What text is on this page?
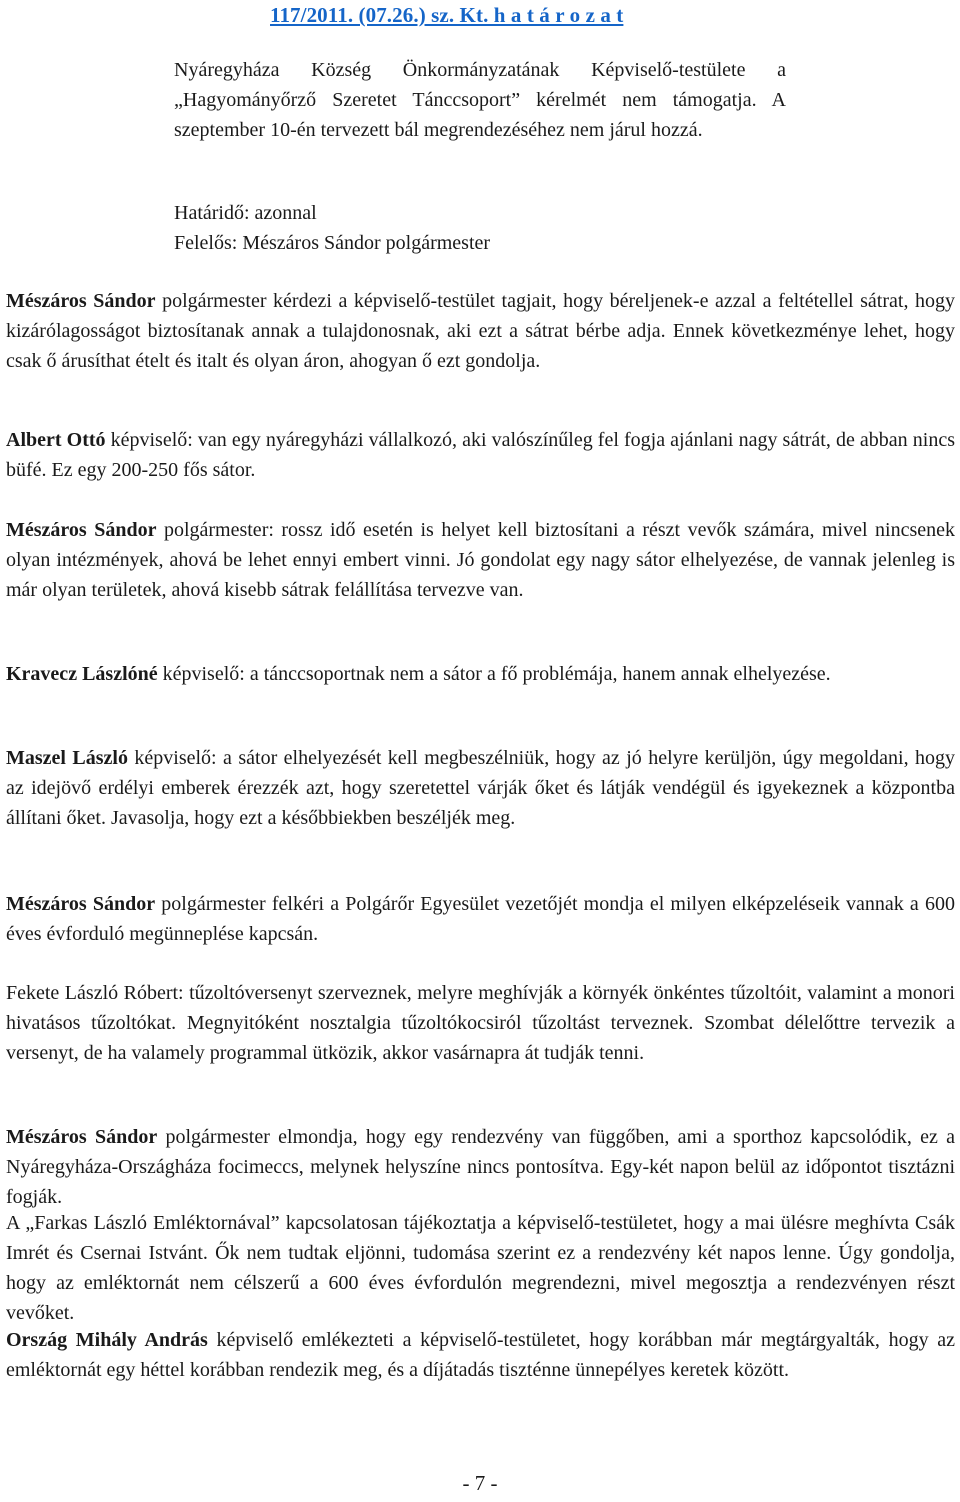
117/2011. (07.26.) sz. Kt. h a t á r o z a t

Nyáregyháza Község Önkormányzatának Képviselő-testülete a „Hagyományőrző Szeretet Tánccsoport” kérelmét nem támogatja. A szeptember 10-én tervezett bál megrendezéséhez nem járul hozzá.

Határidő: azonnal
Felelős: Mészáros Sándor polgármester

Mészáros Sándor polgármester kérdezi a képviselő-testület tagjait, hogy béreljenek-e azzal a feltétellel sátrat, hogy kizárólagosságot biztosítanak annak a tulajdonosnak, aki ezt a sátrat bérbe adja. Ennek következménye lehet, hogy csak ő árusíthat ételt és italt és olyan áron, ahogyan ő ezt gondolja.

Albert Ottó képviselő: van egy nyáregyházi vállalkozó, aki valószínűleg fel fogja ajánlani nagy sátrát, de abban nincs büfé. Ez egy 200-250 fős sátor.

Mészáros Sándor polgármester: rossz idő esetén is helyet kell biztosítani a részt vevők számára, mivel nincsenek olyan intézmények, ahová be lehet ennyi embert vinni. Jó gondolat egy nagy sátor elhelyezése, de vannak jelenleg is már olyan területek, ahová kisebb sátrak felállítása tervezve van.

Kravecz Lászlóné képviselő: a tánccsoportnak nem a sátor a fő problémája, hanem annak elhelyezése.

Maszel László képviselő: a sátor elhelyezését kell megbeszélniük, hogy az jó helyre kerüljön, úgy megoldani, hogy az idejövő erdélyi emberek érezzék azt, hogy szeretettel várják őket és látják vendégül és igyekeznek a központba állítani őket. Javasolja, hogy ezt a későbbiekben beszéljék meg.

Mészáros Sándor polgármester felkéri a Polgárőr Egyesület vezetőjét mondja el milyen elképzeléseik vannak a 600 éves évforduló megünneplése kapcsán.

Fekete László Róbert: tűzoltóversenyt szerveznek, melyre meghívják a környék önkéntes tűzoltóit, valamint a monori hivatásos tűzoltókat. Megnyitóként nosztalgia tűzoltókocsiról tűzoltást terveznek. Szombat délelőttre tervezik a versenyt, de ha valamely programmal ütközik, akkor vasárnapra át tudják tenni.

Mészáros Sándor polgármester elmondja, hogy egy rendezvény van függőben, ami a sporthoz kapcsolódik, ez a Nyáregyháza-Országháza focimeccs, melynek helyszíne nincs pontosítva. Egy-két napon belül az időpontot tisztázni fogják.

A „Farkas László Emléktornával” kapcsolatosan tájékoztatja a képviselő-testületet, hogy a mai ülésre meghívta Csák Imrét és Csernai Istvánt. Ők nem tudtak eljönni, tudomása szerint ez a rendezvény két napos lenne. Úgy gondolja, hogy az emléktornát nem célszerű a 600 éves évfordulón megrendezni, mivel megosztja a rendezvényen részt vevőket.

Ország Mihály András képviselő emlékezteti a képviselő-testületet, hogy korábban már megtárgyalták, hogy az emléktornát egy héttel korábban rendezik meg, és a díjátadás tiszténne ünnepélyes keretek között.

- 7 -
